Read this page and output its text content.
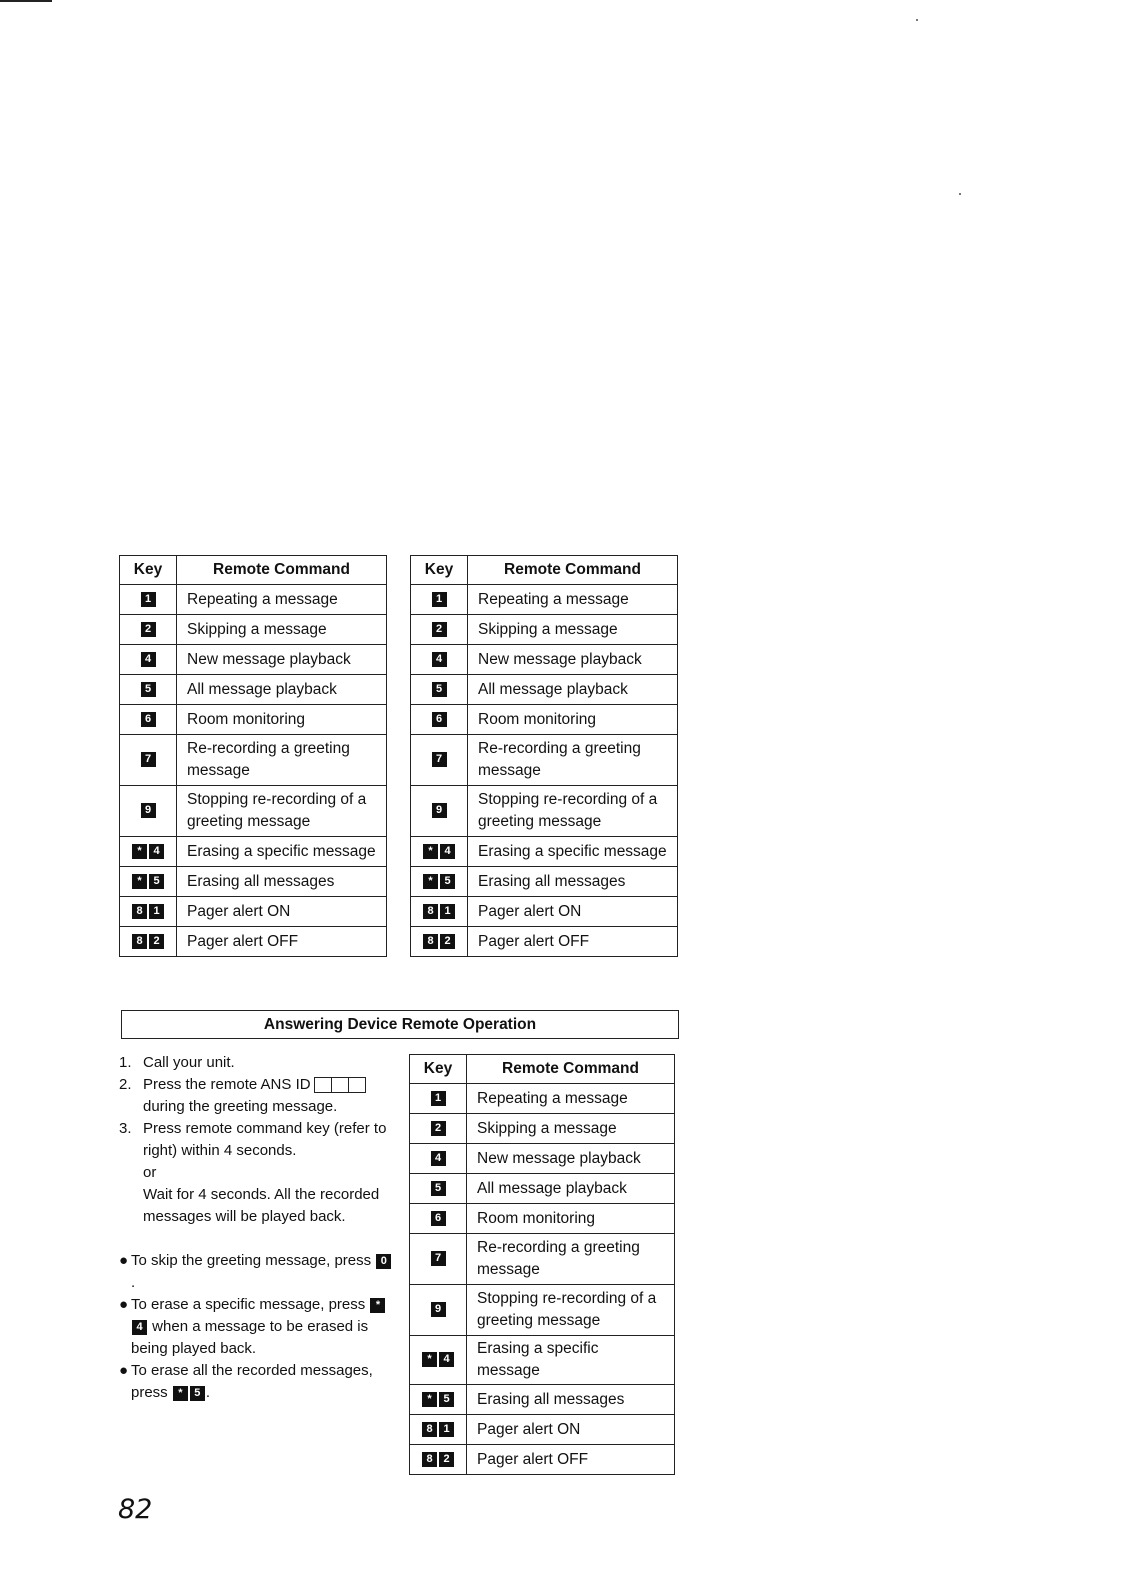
Key	Remote Command
1	Repeating a message
2	Skipping a message
4	New message playback
5	All message playback
6	Room monitoring
7	Re-recording a greeting message
9	Stopping re-recording of a greeting message
* 4	Erasing a specific message
* 5	Erasing all messages
8 1	Pager alert ON
8 2	Pager alert OFF
Key	Remote Command
1	Repeating a message
2	Skipping a message
4	New message playback
5	All message playback
6	Room monitoring
7	Re-recording a greeting message
9	Stopping re-recording of a greeting message
* 4	Erasing a specific message
* 5	Erasing all messages
8 1	Pager alert ON
8 2	Pager alert OFF
Answering Device Remote Operation
1. Call your unit.
2. Press the remote ANS ID  during the greeting message.
3. Press remote command key (refer to right) within 4 seconds.
or
Wait for 4 seconds. All the recorded messages will be played back.
● To skip the greeting message, press 0.
● To erase a specific message, press *4 when a message to be erased is being played back.
● To erase all the recorded messages, press * 5 .
Key	Remote Command
1	Repeating a message
2	Skipping a message
4	New message playback
5	All message playback
6	Room monitoring
7	Re-recording a greeting message
9	Stopping re-recording of a greeting message
* 4	Erasing a specific message
* 5	Erasing all messages
8 1	Pager alert ON
8 2	Pager alert OFF
82
